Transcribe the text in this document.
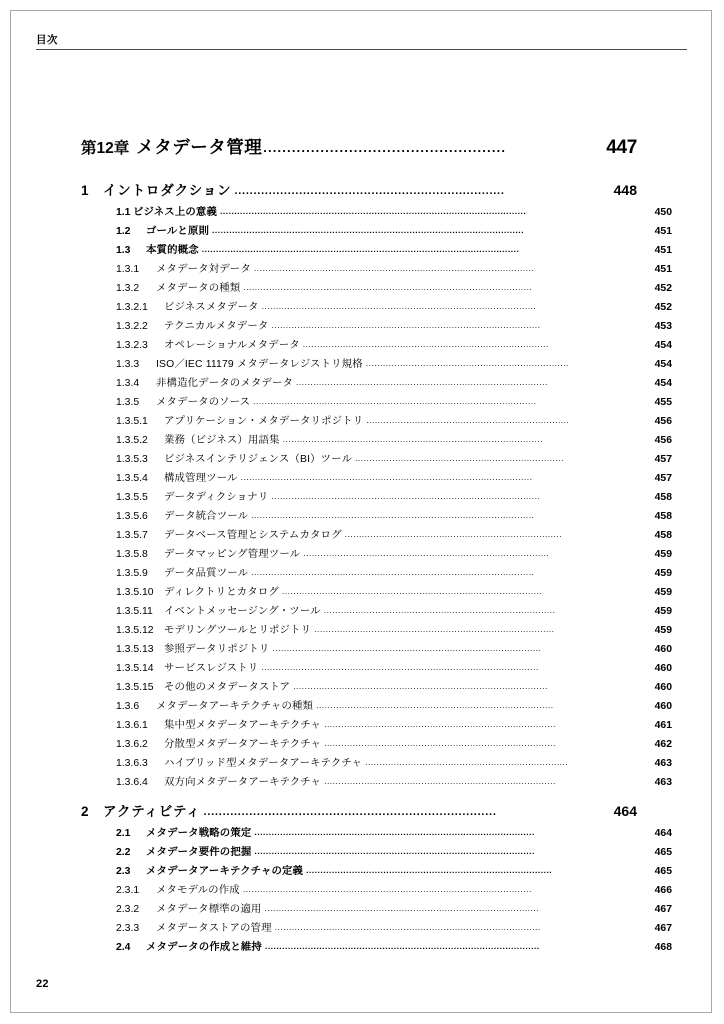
目次
第12章 メタデータ管理 ...................................................	447
1	イントロダクション .......................................................................	448
1.1 ビジネス上の意義 ...........................................................................................................	450
1.2	ゴールと原則 .............................................................................................................	451
1.3	本質的概念 ...............................................................................................................	451
1.3.1	メタデータ対データ ..................................................................................................	451
1.3.2	メタデータの種類 .....................................................................................................	452
1.3.2.1	ビジネスメタデータ ................................................................................................	452
1.3.2.2	テクニカルメタデータ ..............................................................................................	453
1.3.2.3	オペレーショナルメタデータ ......................................................................................	454
1.3.3	ISO／IEC 11179 メタデータレジストリ規格 .......................................................................	454
1.3.4	非構造化データのメタデータ ........................................................................................	454
1.3.5	メタデータのソース ...................................................................................................	455
1.3.5.1	アプリケーション・メタデータリポジトリ .......................................................................	456
1.3.5.2	業務（ビジネス）用語集 ...........................................................................................	456
1.3.5.3	ビジネスインテリジェンス（BI）ツール .........................................................................	457
1.3.5.4	構成管理ツール ......................................................................................................	457
1.3.5.5	データディクショナリ ..............................................................................................	458
1.3.5.6	データ統合ツール ...................................................................................................	458
1.3.5.7	データベース管理とシステムカタログ ............................................................................	458
1.3.5.8	データマッピング管理ツール ......................................................................................	459
1.3.5.9	データ品質ツール ...................................................................................................	459
1.3.5.10	ディレクトリとカタログ ...........................................................................................	459
1.3.5.11	イベントメッセージング・ツール .................................................................................	459
1.3.5.12	モデリングツールとリポジトリ ....................................................................................	459
1.3.5.13	参照データリポジトリ ..............................................................................................	460
1.3.5.14	サービスレジストリ .................................................................................................	460
1.3.5.15	その他のメタデータストア .........................................................................................	460
1.3.6	メタデータアーキテクチャの種類 ...................................................................................	460
1.3.6.1	集中型メタデータアーキテクチャ .................................................................................	461
1.3.6.2	分散型メタデータアーキテクチャ .................................................................................	462
1.3.6.3	ハイブリッド型メタデータアーキテクチャ .......................................................................	463
1.3.6.4	双方向メタデータアーキテクチャ .................................................................................	463
2	アクティビティ .............................................................................	464
2.1	メタデータ戦略の策定 ..................................................................................................	464
2.2	メタデータ要件の把握 ..................................................................................................	465
2.3	メタデータアーキテクチャの定義 ......................................................................................	465
2.3.1	メタモデルの作成 .....................................................................................................	466
2.3.2	メタデータ標準の適用 ................................................................................................	467
2.3.3	メタデータストアの管理 .............................................................................................	467
2.4	メタデータの作成と維持 ................................................................................................	468
22
